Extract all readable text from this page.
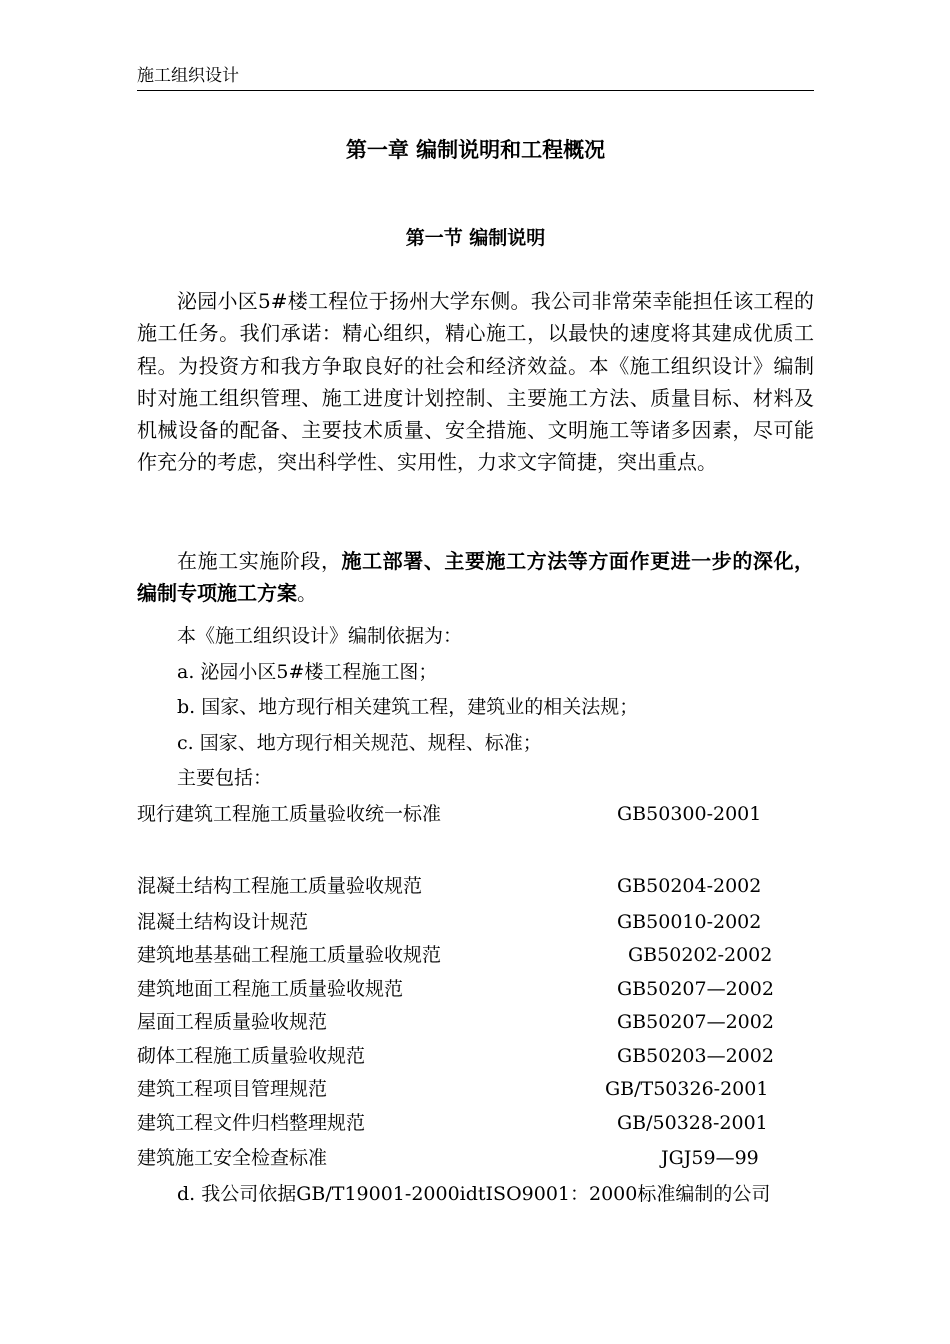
施工组织设计
第一章 编制说明和工程概况
第一节 编制说明

泌园小区5#楼工程位于扬州大学东侧。我公司非常荣幸能担任该工程的施工任务。我们承诺：精心组织，精心施工，以最快的速度将其建成优质工程。为投资方和我方争取良好的社会和经济效益。本《施工组织设计》编制时对施工组织管理、施工进度计划控制、主要施工方法、质量目标、材料及机械设备的配备、主要技术质量、安全措施、文明施工等诸多因素，尽可能作充分的考虑，突出科学性、实用性，力求文字简捷，突出重点。

在施工实施阶段，施工部署、主要施工方法等方面作更进一步的深化，编制专项施工方案。

本《施工组织设计》编制依据为：
a. 泌园小区5#楼工程施工图；
b. 国家、地方现行相关建筑工程，建筑业的相关法规；
c. 国家、地方现行相关规范、规程、标准；
主要包括：
现行建筑工程施工质量验收统一标准	GB50300-2001
混凝土结构工程施工质量验收规范	GB50204-2002
混凝土结构设计规范	GB50010-2002
建筑地基基础工程施工质量验收规范	GB50202-2002
建筑地面工程施工质量验收规范	GB50207—2002
屋面工程质量验收规范	GB50207—2002
砌体工程施工质量验收规范	GB50203—2002
建筑工程项目管理规范	GB/T50326-2001
建筑工程文件归档整理规范	GB/50328-2001
建筑施工安全检查标准	JGJ59—99
d. 我公司依据GB/T19001-2000idtISO9001：2000标准编制的公司
